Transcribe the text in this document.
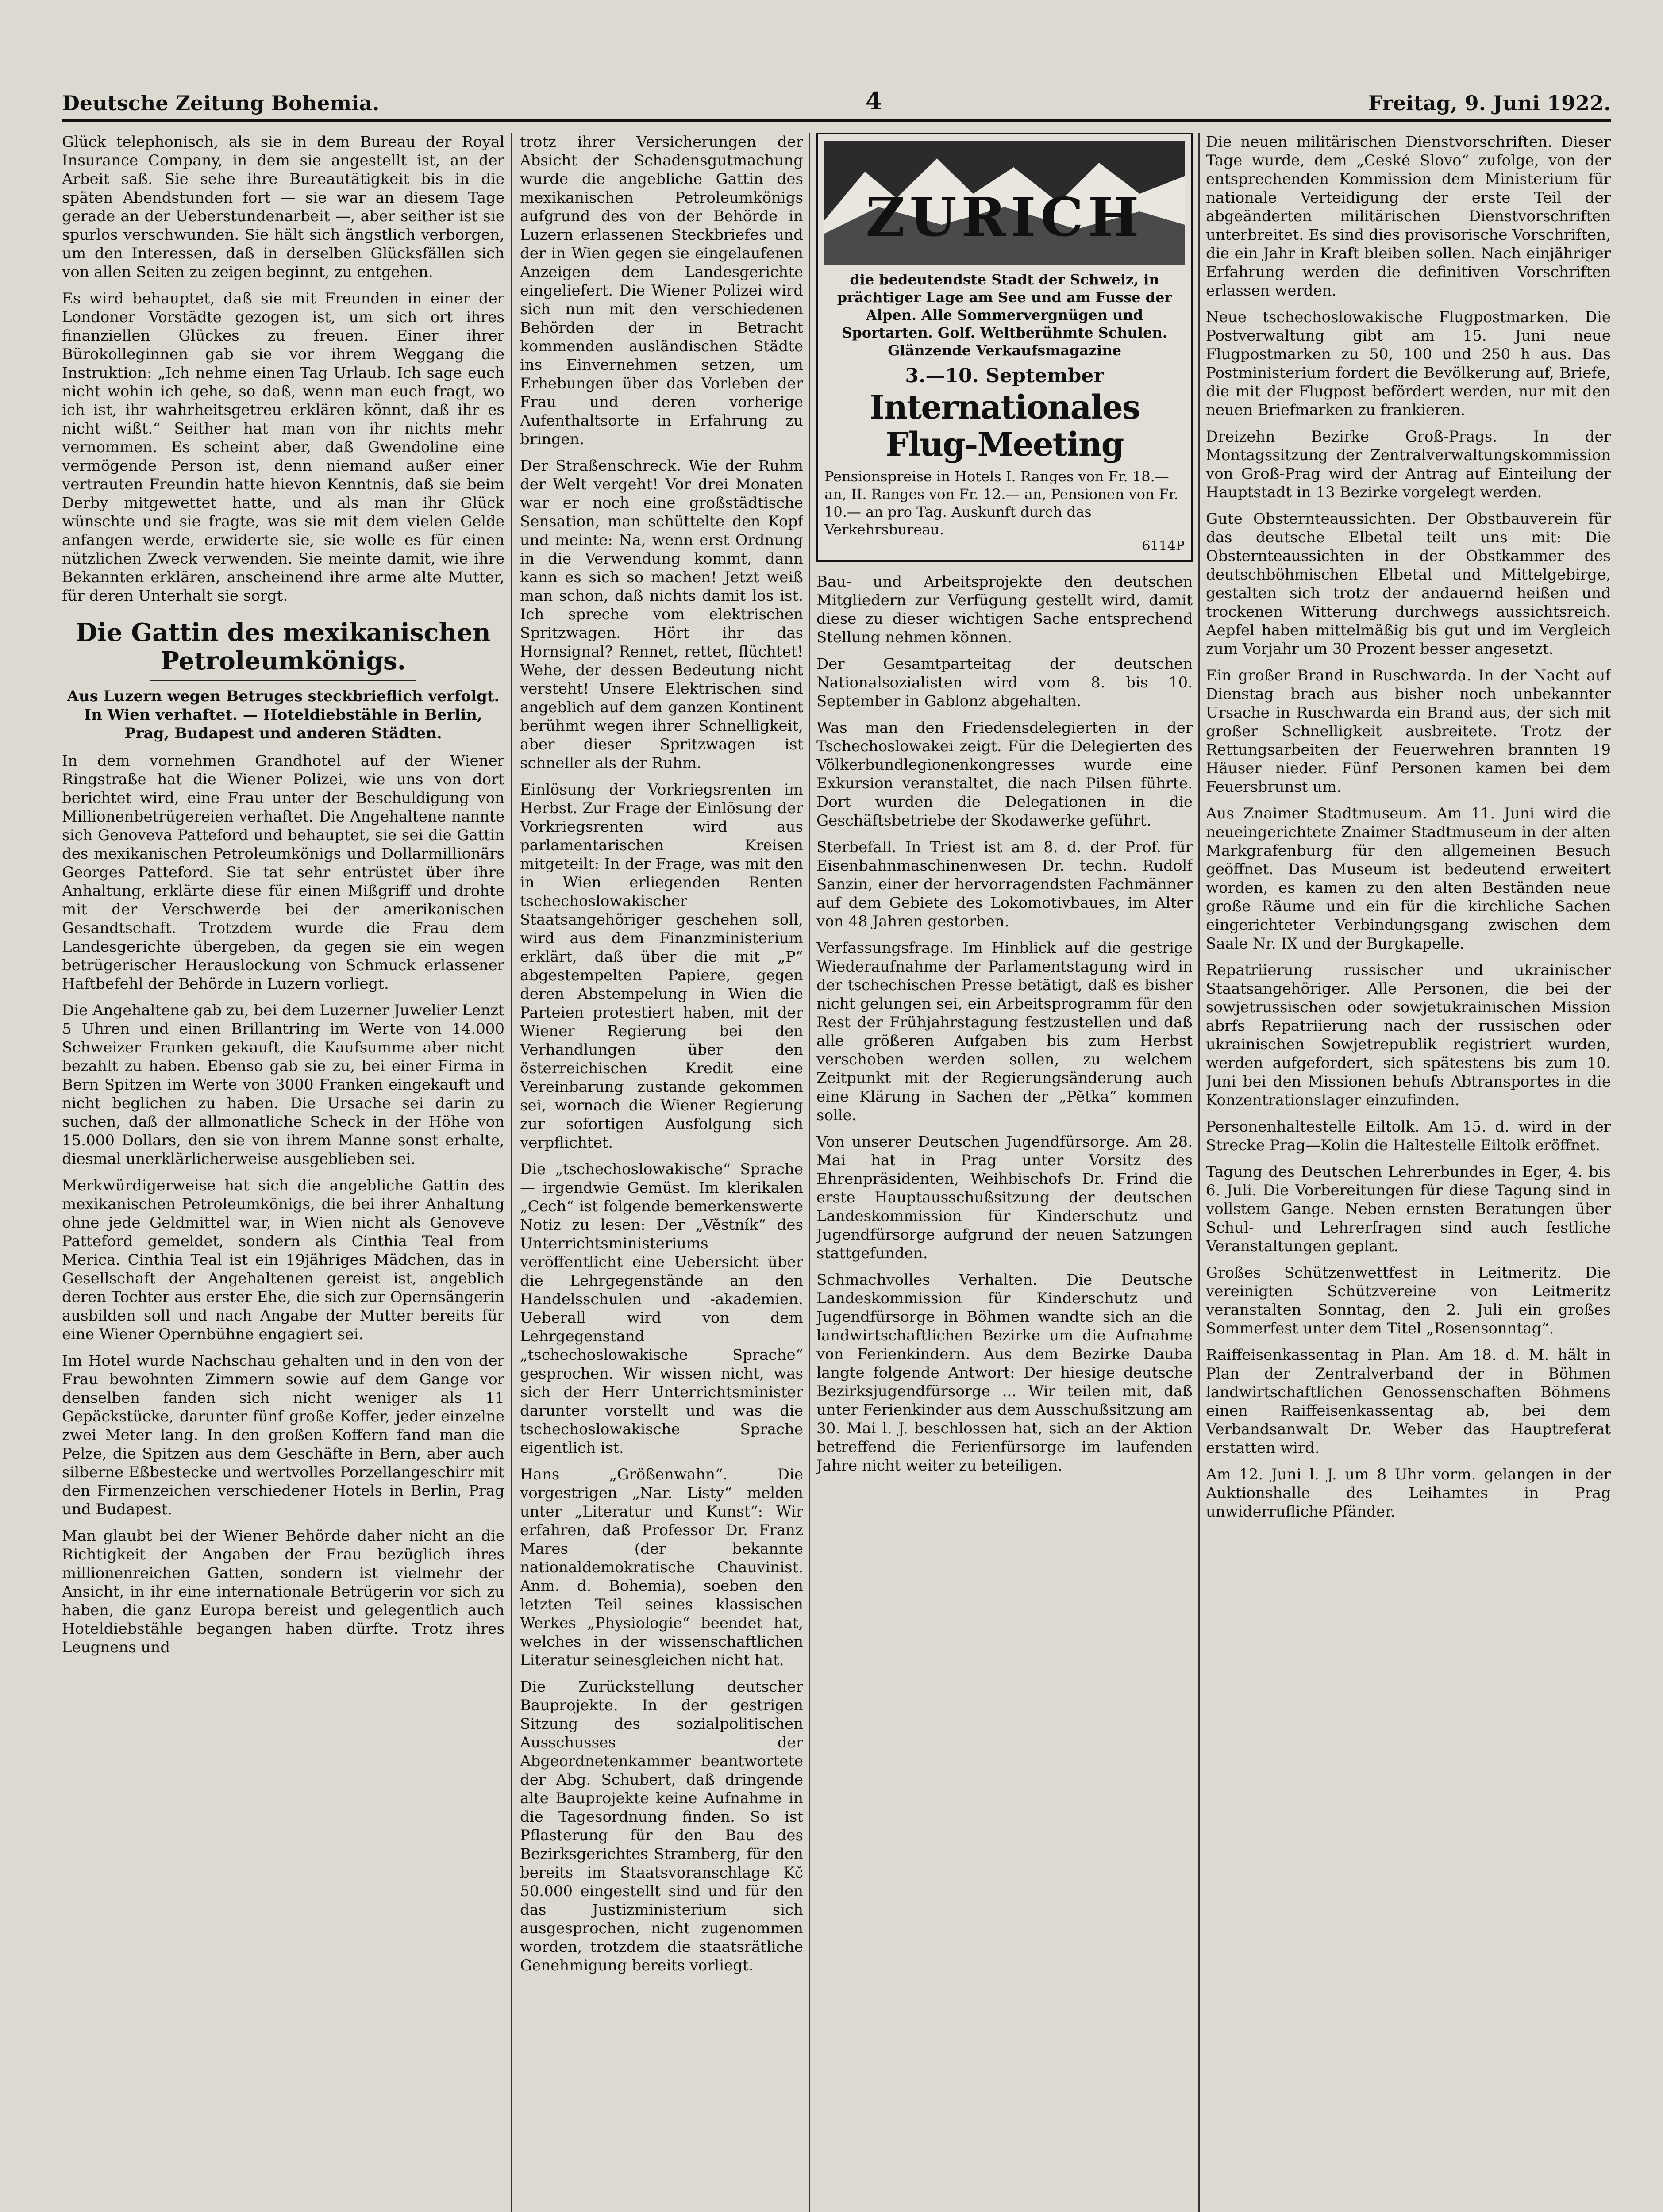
Deutsche Zeitung Bohemia.	4	Freitag, 9. Juni 1922.

Glück telephonisch, als sie in dem Bureau der Royal Insurance Company, in dem sie angestellt ist, an der Arbeit saß. Sie sehe ihre Bureautätigkeit bis in die späten Abendstunden fort — sie war an diesem Tage gerade an der Ueberstundenarbeit —, aber seither ist sie spurlos verschwunden. Sie hält sich ängstlich verborgen, um den Interessen, daß in derselben Glücksfällen sich von allen Seiten zu zeigen beginnt, zu entgehen.

Es wird behauptet, daß sie mit Freunden in einer der Londoner Vorstädte gezogen ist, um sich ort ihres finanziellen Glückes zu freuen. Einer ihrer Bürokolleginnen gab sie vor ihrem Weggang die Instruktion: „Ich nehme einen Tag Urlaub. Ich sage euch nicht wohin ich gehe, so daß, wenn man euch fragt, wo ich ist, ihr wahrheitsgetreu erklären könnt, daß ihr es nicht wißt.“ Seither hat man von ihr nichts mehr vernommen. Es scheint aber, daß Gwendoline eine vermögende Person ist, denn niemand außer einer vertrauten Freundin hatte hievon Kenntnis, daß sie beim Derby mitgewettet hatte, und als man ihr Glück wünschte und sie fragte, was sie mit dem vielen Gelde anfangen werde, erwiderte sie, sie wolle es für einen nützlichen Zweck verwenden. Sie meinte damit, wie ihre Bekannten erklären, anscheinend ihre arme alte Mutter, für deren Unterhalt sie sorgt.

Die Gattin des mexikanischen Petroleumkönigs.
Aus Luzern wegen Betruges steckbrieflich verfolgt. In Wien verhaftet. — Hoteldiebstähle in Berlin, Prag, Budapest und anderen Städten.

In dem vornehmen Grandhotel auf der Wiener Ringstraße hat die Wiener Polizei, wie uns von dort berichtet wird, eine Frau unter der Beschuldigung von Millionenbetrügereien verhaftet. Die Angehaltene nannte sich Genoveva Patteford und behauptet, sie sei die Gattin des mexikanischen Petroleumkönigs und Dollarmillionärs Georges Patteford. Sie tat sehr entrüstet über ihre Anhaltung, erklärte diese für einen Mißgriff und drohte mit der Verschwerde bei der amerikanischen Gesandtschaft. Trotzdem wurde die Frau dem Landesgerichte übergeben, da gegen sie ein wegen betrügerischer Herauslockung von Schmuck erlassener Haftbefehl der Behörde in Luzern vorliegt.

Die Angehaltene gab zu, bei dem Luzerner Juwelier Lenzt 5 Uhren und einen Brillantring im Werte von 14.000 Schweizer Franken gekauft, die Kaufsumme aber nicht bezahlt zu haben. Ebenso gab sie zu, bei einer Firma in Bern Spitzen im Werte von 3000 Franken eingekauft und nicht beglichen zu haben. Die Ursache sei darin zu suchen, daß der allmonatliche Scheck in der Höhe von 15.000 Dollars, den sie von ihrem Manne sonst erhalte, diesmal unerklärlicherweise ausgeblieben sei.

Merkwürdigerweise hat sich die angebliche Gattin des mexikanischen Petroleumkönigs, die bei ihrer Anhaltung ohne jede Geldmittel war, in Wien nicht als Genoveve Patteford gemeldet, sondern als Cinthia Teal from Merica. Cinthia Teal ist ein 19jähriges Mädchen, das in Gesellschaft der Angehaltenen gereist ist, angeblich deren Tochter aus erster Ehe, die sich zur Opernsängerin ausbilden soll und nach Angabe der Mutter bereits für eine Wiener Opernbühne engagiert sei.

Im Hotel wurde Nachschau gehalten und in den von der Frau bewohnten Zimmern sowie auf dem Gange vor denselben fanden sich nicht weniger als 11 Gepäckstücke, darunter fünf große Koffer, jeder einzelne zwei Meter lang. In den großen Koffern fand man die Pelze, die Spitzen aus dem Geschäfte in Bern, aber auch silberne Eßbestecke und wertvolles Porzellangeschirr mit den Firmenzeichen verschiedener Hotels in Berlin, Prag und Budapest.

Man glaubt bei der Wiener Behörde daher nicht an die Richtigkeit der Angaben der Frau bezüglich ihres millionenreichen Gatten, sondern ist vielmehr der Ansicht, in ihr eine internationale Betrügerin vor sich zu haben, die ganz Europa bereist und gelegentlich auch Hoteldiebstähle begangen haben dürfte. Trotz ihres Leugnens und

trotz ihrer Versicherungen der Absicht der Schadensgutmachung wurde die angebliche Gattin des mexikanischen Petroleumkönigs aufgrund des von der Behörde in Luzern erlassenen Steckbriefes und der in Wien gegen sie eingelaufenen Anzeigen dem Landesgerichte eingeliefert. Die Wiener Polizei wird sich nun mit den verschiedenen Behörden der in Betracht kommenden ausländischen Städte ins Einvernehmen setzen, um Erhebungen über das Vorleben der Frau und deren vorherige Aufenthaltsorte in Erfahrung zu bringen.

Der Straßenschreck. Wie der Ruhm der Welt vergeht! Vor drei Monaten war er noch eine großstädtische Sensation, man schüttelte den Kopf und meinte: Na, wenn erst Ordnung in die Verwendung kommt, dann kann es sich so machen! Jetzt weiß man schon, daß nichts damit los ist. Ich spreche vom elektrischen Spritzwagen. Hört ihr das Hornsignal? Rennet, rettet, flüchtet! Wehe, der dessen Bedeutung nicht versteht! Unsere Elektrischen sind angeblich auf dem ganzen Kontinent berühmt wegen ihrer Schnelligkeit, aber dieser Spritzwagen ist schneller als der Ruhm.

Einlösung der Vorkriegsrenten im Herbst. Zur Frage der Einlösung der Vorkriegsrenten wird aus parlamentarischen Kreisen mitgeteilt: In der Frage, was mit den in Wien erliegenden Renten tschechoslowakischer Staatsangehöriger geschehen soll, wird aus dem Finanzministerium erklärt, daß über die mit „P“ abgestempelten Papiere, gegen deren Abstempelung in Wien die Parteien protestiert haben, mit der Wiener Regierung bei den Verhandlungen über den österreichischen Kredit eine Vereinbarung zustande gekommen sei, wornach die Wiener Regierung zur sofortigen Ausfolgung sich verpflichtet.

Die „tschechoslowakische“ Sprache — irgendwie Gemüst. Im klerikalen „Cech“ ist folgende bemerkenswerte Notiz zu lesen: Der „Věstník“ des Unterrichtsministeriums veröffentlicht eine Uebersicht über die Lehrgegenstände an den Handelsschulen und -akademien. Ueberall wird von dem Lehrgegenstand „tschechoslowakische Sprache“ gesprochen. Wir wissen nicht, was sich der Herr Unterrichtsminister darunter vorstellt und was die tschechoslowakische Sprache eigentlich ist.

Hans „Größenwahn“. Die vorgestrigen „Nar. Listy“ melden unter „Literatur und Kunst“: Wir erfahren, daß Professor Dr. Franz Mares (der bekannte nationaldemokratische Chauvinist. Anm. d. Bohemia), soeben den letzten Teil seines klassischen Werkes „Physiologie“ beendet hat, welches in der wissenschaftlichen Literatur seinesgleichen nicht hat.

Die Zurückstellung deutscher Bauprojekte. In der gestrigen Sitzung des sozialpolitischen Ausschusses der Abgeordnetenkammer beantwortete der Abg. Schubert, daß dringende alte Bauprojekte keine Aufnahme in die Tagesordnung finden. So ist Pflasterung für den Bau des Bezirksgerichtes Stramberg, für den bereits im Staatsvoranschlage Kč 50.000 eingestellt sind und für den das Justizministerium sich ausgesprochen, nicht zugenommen worden, trotzdem die staatsrätliche Genehmigung bereits vorliegt.

ZURICH
die bedeutendste Stadt der Schweiz, in prächtiger Lage am See und am Fusse der Alpen. Alle Sommervergnügen und Sportarten. Golf. Weltberühmte Schulen. Glänzende Verkaufsmagazine
3.—10. September
Internationales Flug-Meeting
Pensionspreise in Hotels I. Ranges von Fr. 18.— an, II. Ranges von Fr. 12.— an, Pensionen von Fr. 10.— an pro Tag. Auskunft durch das Verkehrsbureau.
6114P

Bau- und Arbeitsprojekte den deutschen Mitgliedern zur Verfügung gestellt wird, damit diese zu dieser wichtigen Sache entsprechend Stellung nehmen können.

Der Gesamtparteitag der deutschen Nationalsozialisten wird vom 8. bis 10. September in Gablonz abgehalten.

Was man den Friedensdelegierten in der Tschechoslowakei zeigt. Für die Delegierten des Völkerbundlegionenkongresses wurde eine Exkursion veranstaltet, die nach Pilsen führte. Dort wurden die Delegationen in die Geschäftsbetriebe der Skodawerke geführt.

Sterbefall. In Triest ist am 8. d. der Prof. für Eisenbahnmaschinenwesen Dr. techn. Rudolf Sanzin, einer der hervorragendsten Fachmänner auf dem Gebiete des Lokomotivbaues, im Alter von 48 Jahren gestorben.

Verfassungsfrage. Im Hinblick auf die gestrige Wiederaufnahme der Parlamentstagung wird in der tschechischen Presse betätigt, daß es bisher nicht gelungen sei, ein Arbeitsprogramm für den Rest der Frühjahrstagung festzustellen und daß alle größeren Aufgaben bis zum Herbst verschoben werden sollen, zu welchem Zeitpunkt mit der Regierungsänderung auch eine Klärung in Sachen der „Pětka“ kommen solle.

Von unserer Deutschen Jugendfürsorge. Am 28. Mai hat in Prag unter Vorsitz des Ehrenpräsidenten, Weihbischofs Dr. Frind die erste Hauptausschußsitzung der deutschen Landeskommission für Kinderschutz und Jugendfürsorge aufgrund der neuen Satzungen stattgefunden.

Schmachvolles Verhalten. Die Deutsche Landeskommission für Kinderschutz und Jugendfürsorge in Böhmen wandte sich an die landwirtschaftlichen Bezirke um die Aufnahme von Ferienkindern. Aus dem Bezirke Dauba langte folgende Antwort: Der hiesige deutsche Bezirksjugendfürsorge ... Wir teilen mit, daß unter Ferienkinder aus dem Ausschußsitzung am 30. Mai l. J. beschlossen hat, sich an der Aktion betreffend die Ferienfürsorge im laufenden Jahre nicht weiter zu beteiligen.

Die neuen militärischen Dienstvorschriften. Dieser Tage wurde, dem „Ceské Slovo“ zufolge, von der entsprechenden Kommission dem Ministerium für nationale Verteidigung der erste Teil der abgeänderten militärischen Dienstvorschriften unterbreitet. Es sind dies provisorische Vorschriften, die ein Jahr in Kraft bleiben sollen. Nach einjähriger Erfahrung werden die definitiven Vorschriften erlassen werden.

Neue tschechoslowakische Flugpostmarken. Die Postverwaltung gibt am 15. Juni neue Flugpostmarken zu 50, 100 und 250 h aus. Das Postministerium fordert die Bevölkerung auf, Briefe, die mit der Flugpost befördert werden, nur mit den neuen Briefmarken zu frankieren.

Dreizehn Bezirke Groß-Prags. In der Montagssitzung der Zentralverwaltungskommission von Groß-Prag wird der Antrag auf Einteilung der Hauptstadt in 13 Bezirke vorgelegt werden.

Gute Obsternteaussichten. Der Obstbauverein für das deutsche Elbetal teilt uns mit: Die Obsternteaussichten in der Obstkammer des deutschböhmischen Elbetal und Mittelgebirge, gestalten sich trotz der andauernd heißen und trockenen Witterung durchwegs aussichtsreich. Aepfel haben mittelmäßig bis gut und im Vergleich zum Vorjahr um 30 Prozent besser angesetzt.

Ein großer Brand in Ruschwarda. In der Nacht auf Dienstag brach aus bisher noch unbekannter Ursache in Ruschwarda ein Brand aus, der sich mit großer Schnelligkeit ausbreitete. Trotz der Rettungsarbeiten der Feuerwehren brannten 19 Häuser nieder. Fünf Personen kamen bei dem Feuersbrunst um.

Aus Znaimer Stadtmuseum. Am 11. Juni wird die neueingerichtete Znaimer Stadtmuseum in der alten Markgrafenburg für den allgemeinen Besuch geöffnet. Das Museum ist bedeutend erweitert worden, es kamen zu den alten Beständen neue große Räume und ein für die kirchliche Sachen eingerichteter Verbindungsgang zwischen dem Saale Nr. IX und der Burgkapelle.

Repatriierung russischer und ukrainischer Staatsangehöriger. Alle Personen, die bei der sowjetrussischen oder sowjetukrainischen Mission abrfs Repatriierung nach der russischen oder ukrainischen Sowjetrepublik registriert wurden, werden aufgefordert, sich spätestens bis zum 10. Juni bei den Missionen behufs Abtransportes in die Konzentrationslager einzufinden.

Personenhaltestelle Eiltolk. Am 15. d. wird in der Strecke Prag—Kolin die Haltestelle Eiltolk eröffnet.

Tagung des Deutschen Lehrerbundes in Eger, 4. bis 6. Juli. Die Vorbereitungen für diese Tagung sind in vollstem Gange. Neben ernsten Beratungen über Schul- und Lehrerfragen sind auch festliche Veranstaltungen geplant.

Großes Schützenwettfest in Leitmeritz. Die vereinigten Schützvereine von Leitmeritz veranstalten Sonntag, den 2. Juli ein großes Sommerfest unter dem Titel „Rosensonntag“.

Raiffeisenkassentag in Plan. Am 18. d. M. hält in Plan der Zentralverband der in Böhmen landwirtschaftlichen Genossenschaften Böhmens einen Raiffeisenkassentag ab, bei dem Verbandsanwalt Dr. Weber das Hauptreferat erstatten wird.

Am 12. Juni l. J. um 8 Uhr vorm. gelangen in der Auktionshalle des Leihamtes in Prag unwiderrufliche Pfänder.
